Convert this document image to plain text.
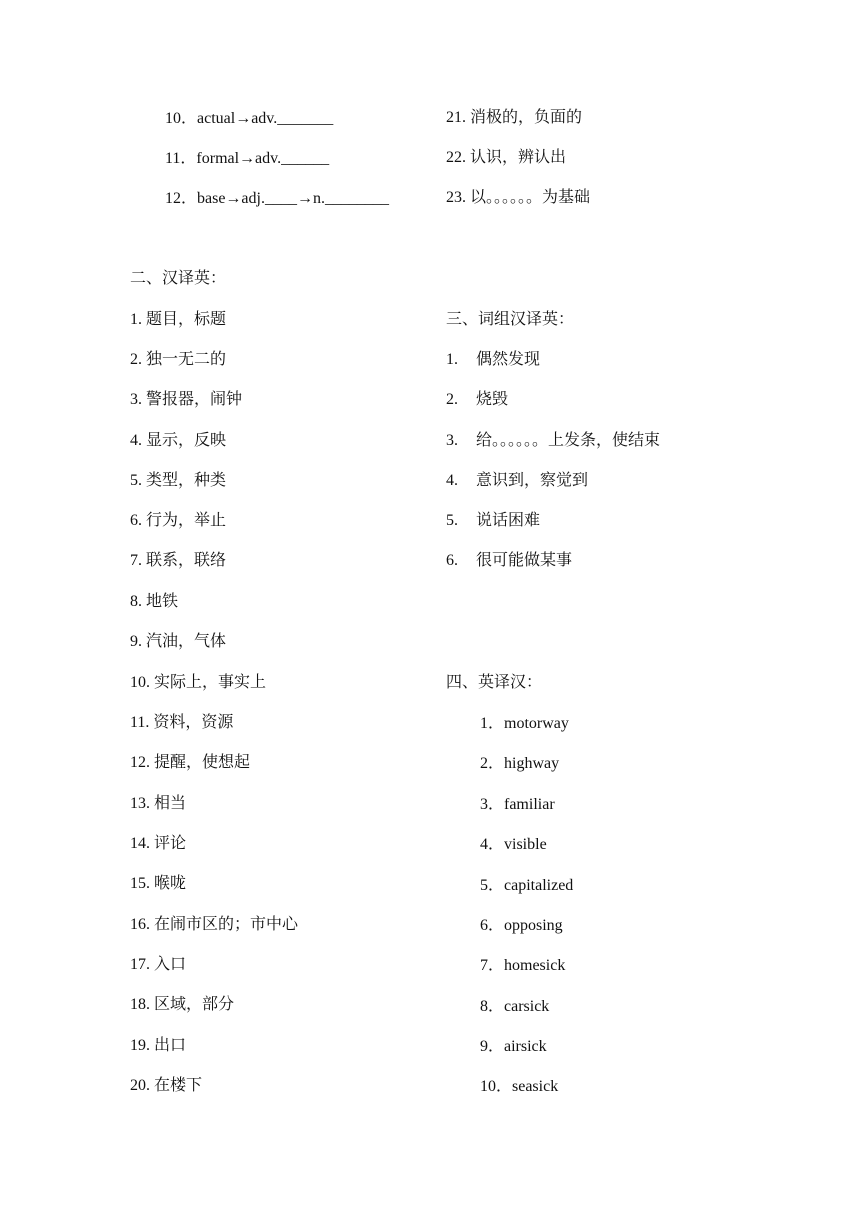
10．actual→adv._______
11．formal→adv.______
12．base→adj.____→n.________
21. 消极的，负面的
22. 认识，辨认出
23. 以。。。。。。为基础
二、汉译英：
1. 题目，标题
2. 独一无二的
3. 警报器，闹钟
4. 显示，反映
5. 类型，种类
6. 行为，举止
7. 联系，联络
8. 地铁
9. 汽油，气体
10. 实际上，事实上
11. 资料，资源
12. 提醒，使想起
13. 相当
14. 评论
15. 喉咙
16. 在闹市区的；市中心
17. 入口
18. 区域，部分
19. 出口
20. 在楼下
三、词组汉译英：
1. 偶然发现
2. 烧毁
3. 给。。。。。。上发条，使结束
4. 意识到，察觉到
5. 说话困难
6. 很可能做某事
四、英译汉：
1．motorway
2．highway
3．familiar
4．visible
5．capitalized
6．opposing
7．homesick
8．carsick
9．airsick
10．seasick
